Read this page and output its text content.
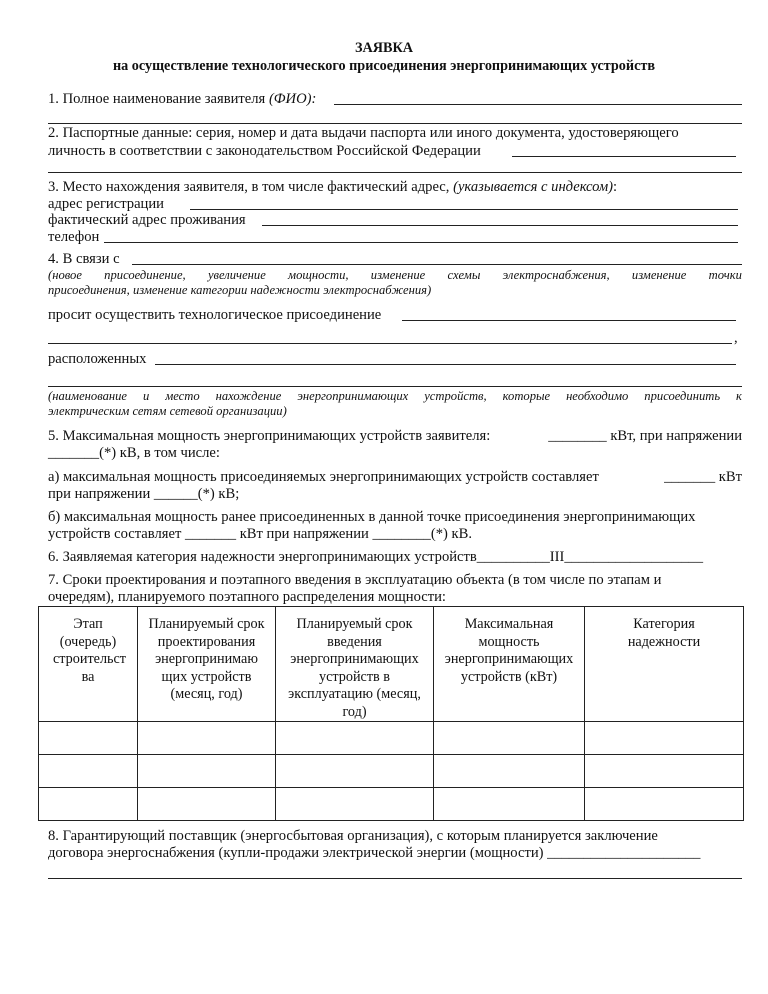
ЗАЯВКА
на осуществление технологического присоединения энергопринимающих устройств
1. Полное наименование заявителя (ФИО):
2. Паспортные данные: серия, номер и дата выдачи паспорта или иного документа, удостоверяющего
личность в соответствии с законодательством Российской Федерации
3. Место нахождения заявителя, в том числе фактический адрес, (указывается с индексом):
адрес регистрации
фактический адрес проживания
телефон
4. В связи с
(новое присоединение, увеличение мощности, изменение схемы электроснабжения, изменение точки
присоединения, изменение категории надежности электроснабжения)
просит осуществить технологическое присоединение
,
расположенных
(наименование и место нахождение энергопринимающих устройств, которые необходимо присоединить к
электрическим сетям сетевой организации)
5. Максимальная мощность энергопринимающих устройств заявителя:	________ кВт, при напряжении
_______(*) кВ, в том числе:
а) максимальная мощность присоединяемых энергопринимающих устройств составляет	_______ кВт
при напряжении ______(*) кВ;
б) максимальная мощность ранее присоединенных в данной точке присоединения энергопринимающих
устройств составляет _______ кВт при напряжении ________(*) кВ.
6. Заявляемая категория надежности энергопринимающих устройств__________III___________________
7. Сроки проектирования и поэтапного введения в эксплуатацию объекта (в том числе по этапам и
очередям), планируемого поэтапного распределения мощности:
Этап (очередь) строительст ва	Планируемый срок проектирования энергопринимаю щих устройств (месяц, год)	Планируемый срок введения энергопринимающих устройств в эксплуатацию (месяц, год)	Максимальная мощность энергопринимающих устройств (кВт)	Категория надежности

8. Гарантирующий поставщик (энергосбытовая организация), с которым планируется заключение
договора энергоснабжения (купли-продажи электрической энергии (мощности) _____________________
